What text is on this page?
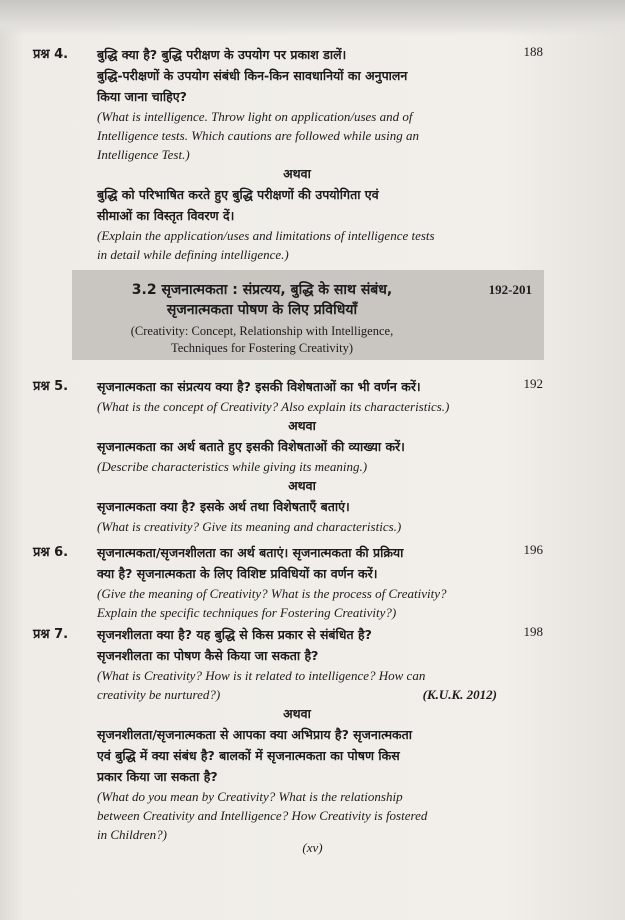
प्रश्न 4.	188

बुद्धि क्या है? बुद्धि परीक्षण के उपयोग पर प्रकाश डालें।

बुद्धि-परीक्षणों के उपयोग संबंधी किन-किन सावधानियों का अनुपालन

किया जाना चाहिए?

(What is intelligence. Throw light on application/uses and of

Intelligence tests. Which cautions are followed while using an

Intelligence Test.)

अथवा

बुद्धि को परिभाषित करते हुए बुद्धि परीक्षणों की उपयोगिता एवं

सीमाओं का विस्तृत विवरण दें।

(Explain the application/uses and limitations of intelligence tests

in detail while defining intelligence.)

3.2 सृजनात्मकता : संप्रत्यय, बुद्धि के साथ संबंध,
सृजनात्मकता पोषण के लिए प्रविधियाँ
(Creativity: Concept, Relationship with Intelligence,
Techniques for Fostering Creativity)
192-201
प्रश्न 5.	192

सृजनात्मकता का संप्रत्यय क्या है? इसकी विशेषताओं का भी वर्णन करें।

(What is the concept of Creativity? Also explain its characteristics.)

अथवा

सृजनात्मकता का अर्थ बताते हुए इसकी विशेषताओं की व्याख्या करें।

(Describe characteristics while giving its meaning.)

अथवा

सृजनात्मकता क्या है? इसके अर्थ तथा विशेषताएँ बताएं।

(What is creativity? Give its meaning and characteristics.)

प्रश्न 6.	196

सृजनात्मकता/सृजनशीलता का अर्थ बताएं। सृजनात्मकता की प्रक्रिया

क्या है? सृजनात्मकता के लिए विशिष्ट प्रविधियों का वर्णन करें।

(Give the meaning of Creativity? What is the process of Creativity?

Explain the specific techniques for Fostering Creativity?)

प्रश्न 7.	198

सृजनशीलता क्या है? यह बुद्धि से किस प्रकार से संबंधित है?

सृजनशीलता का पोषण कैसे किया जा सकता है?

(What is Creativity? How is it related to intelligence? How can

creativity be nurtured?)	(K.U.K. 2012)

अथवा

सृजनशीलता/सृजनात्मकता से आपका क्या अभिप्राय है? सृजनात्मकता

एवं बुद्धि में क्या संबंध है? बालकों में सृजनात्मकता का पोषण किस

प्रकार किया जा सकता है?

(What do you mean by Creativity? What is the relationship

between Creativity and Intelligence? How Creativity is fostered

in Children?)

(xv)
